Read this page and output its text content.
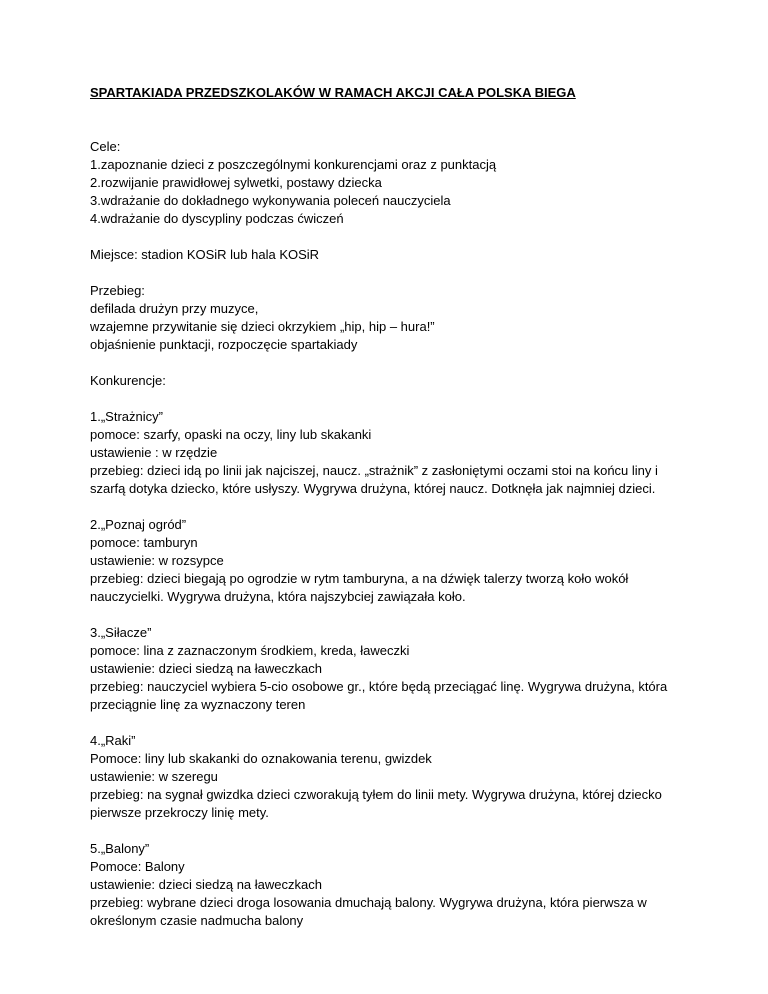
SPARTAKIADA PRZEDSZKOLAKÓW W RAMACH AKCJI CAŁA POLSKA BIEGA

Cele:

1.zapoznanie dzieci z poszczególnymi konkurencjami oraz z punktacją

2.rozwijanie prawidłowej sylwetki, postawy dziecka

3.wdrażanie do dokładnego wykonywania poleceń nauczyciela

4.wdrażanie do dyscypliny podczas ćwiczeń

Miejsce: stadion KOSiR lub hala KOSiR

Przebieg:

defilada drużyn przy muzyce,

wzajemne przywitanie się dzieci okrzykiem „hip, hip – hura!”

objaśnienie punktacji, rozpoczęcie spartakiady

Konkurencje:

1.„Strażnicy”

pomoce: szarfy, opaski na oczy, liny lub skakanki

ustawienie : w rzędzie

przebieg: dzieci idą po linii jak najciszej, naucz. „strażnik” z zasłoniętymi oczami stoi na końcu liny i

szarfą dotyka dziecko, które usłyszy. Wygrywa drużyna, której naucz. Dotknęła jak najmniej dzieci.

2.„Poznaj ogród”

pomoce: tamburyn

ustawienie: w rozsypce

przebieg: dzieci biegają po ogrodzie w rytm tamburyna, a na dźwięk talerzy tworzą koło wokół

nauczycielki. Wygrywa drużyna, która najszybciej zawiązała koło.

3.„Siłacze”

pomoce: lina z zaznaczonym środkiem, kreda, ławeczki

ustawienie: dzieci siedzą na ławeczkach

przebieg: nauczyciel wybiera 5-cio osobowe gr., które będą przeciągać linę. Wygrywa drużyna, która

przeciągnie linę za wyznaczony teren

4.„Raki”

Pomoce: liny lub skakanki do oznakowania terenu, gwizdek

ustawienie: w szeregu

przebieg: na sygnał gwizdka dzieci czworakują tyłem do linii mety. Wygrywa drużyna, której dziecko

pierwsze przekroczy linię mety.

5.„Balony”

Pomoce: Balony

ustawienie: dzieci siedzą na ławeczkach

przebieg: wybrane dzieci droga losowania dmuchają balony. Wygrywa drużyna, która pierwsza w

określonym czasie nadmucha balony
